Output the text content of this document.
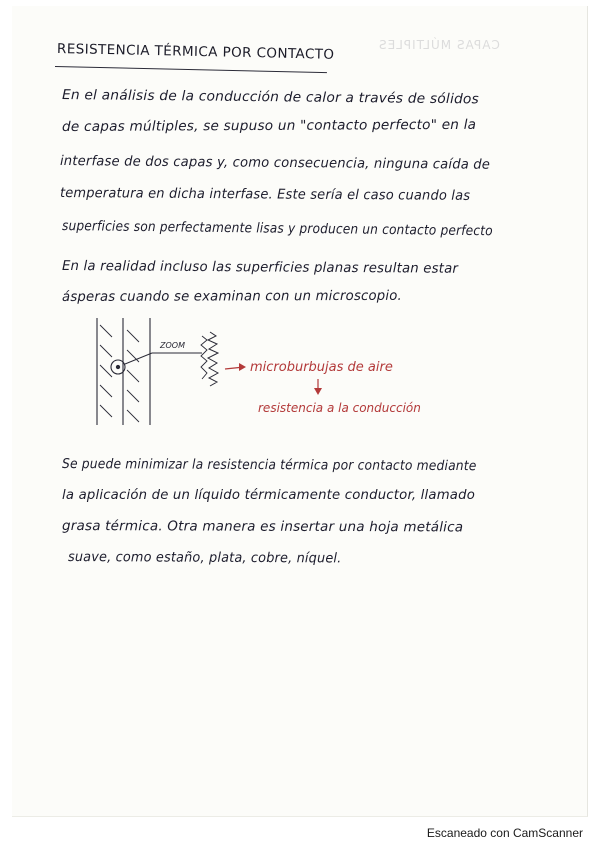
CAPAS MÚLTIPLES
RESISTENCIA TÉRMICA POR CONTACTO
En el análisis de la conducción de calor a través de sólidos
de capas múltiples, se supuso un "contacto perfecto" en la
interfase de dos capas y, como consecuencia, ninguna caída de
temperatura en dicha interfase. Este sería el caso cuando las
superficies son perfectamente lisas y producen un contacto perfecto
En la realidad incluso las superficies planas resultan estar
ásperas cuando se examinan con un microscopio.
ZOOM
microburbujas de aire
resistencia a la conducción
Se puede minimizar la resistencia térmica por contacto mediante
la aplicación de un líquido térmicamente conductor, llamado
grasa térmica. Otra manera es insertar una hoja metálica
suave, como estaño, plata, cobre, níquel.
Escaneado con CamScanner
